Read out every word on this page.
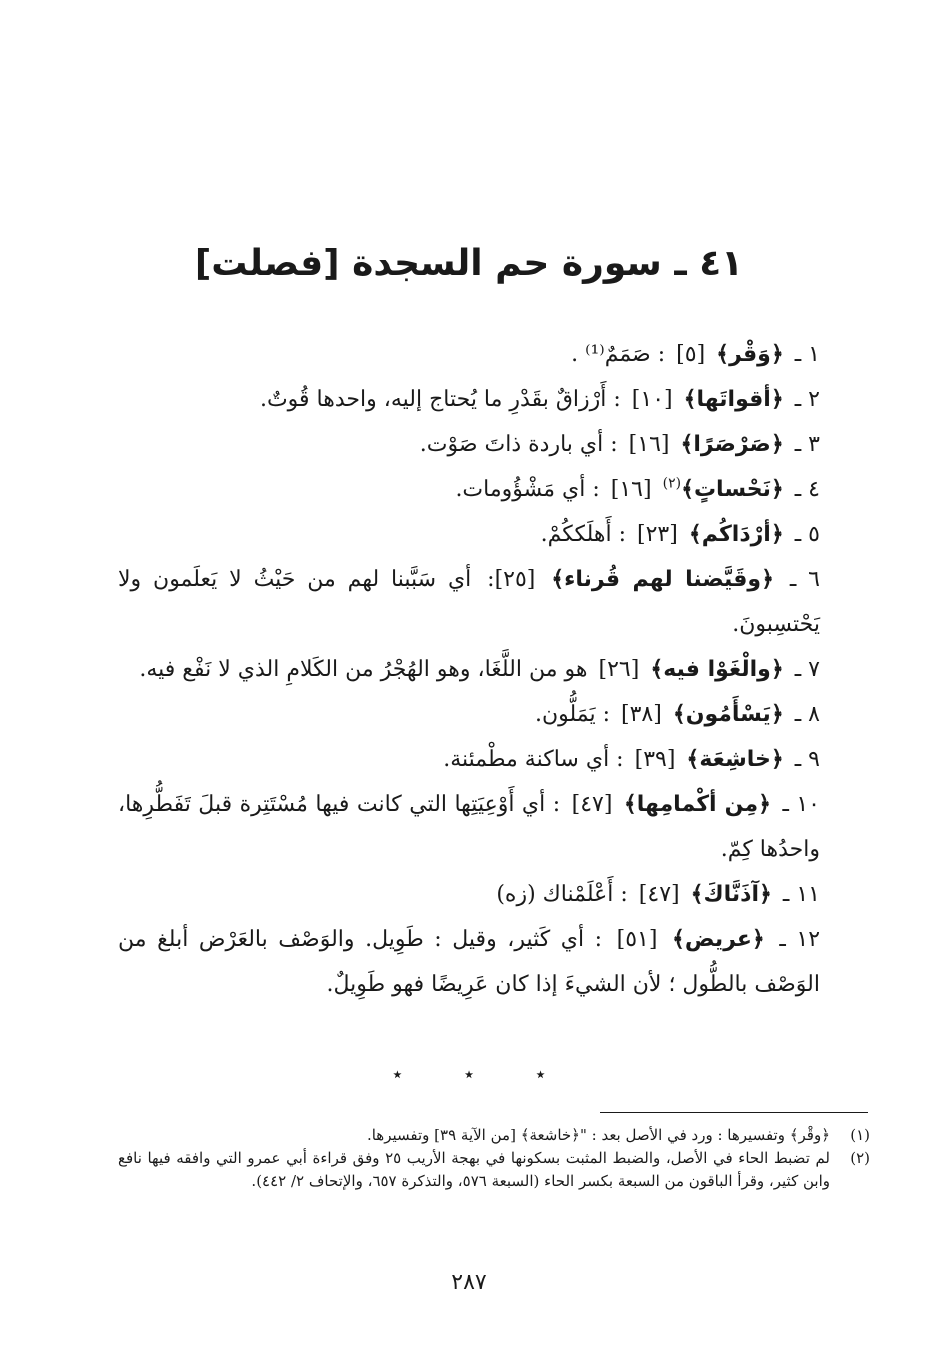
٤١ ـ سورة حم السجدة [فصلت]

١ ـ ﴿وَقْر﴾ [٥] : صَمَمٌ⁽¹⁾ .

٢ ـ ﴿أقواتَها﴾ [١٠] : أَرْزاقٌ بقَدْرِ ما يُحتاج إليه، واحدها قُوتٌ.

٣ ـ ﴿صَرْصَرًا﴾ [١٦] : أي باردة ذاتَ صَوْت.

٤ ـ ﴿نَحْساتٍ﴾$^{(٢)}$ [١٦] : أي مَشْؤُومات.

٥ ـ ﴿أرْدَاكُم﴾ [٢٣] : أَهلَككُمْ.

٦ ـ ﴿وقَيَّضنا لهم قُرناء﴾ [٢٥]: أي سَبَّبنا لهم من حَيْثُ لا يَعلَمون ولا يَحْتسِبونَ.

٧ ـ ﴿والْغَوْا فيه﴾ [٢٦] هو من اللَّغَا، وهو الهُجْرُ من الكَلامِ الذي لا نَفْع فيه.

٨ ـ ﴿يَسْأَمُون﴾ [٣٨] : يَمَلُّون.

٩ ـ ﴿خاشِعَة﴾ [٣٩] : أي ساكنة مطْمئنة.

١٠ ـ ﴿مِن أكْمامِها﴾ [٤٧] : أي أَوْعِيَتِها التي كانت فيها مُسْتَتِرة قبلَ تَفَطُّرِها، واحدُها كِمّ.

١١ ـ ﴿آذَنَّاكَ﴾ [٤٧] : أَعْلَمْناك (زه)

١٢ ـ ﴿عريض﴾ [٥١] : أي كَثير، وقيل : طَوِيل. والوَصْف بالعَرْض أبلغ من الوَصْف بالطُّول ؛ لأن الشيءَ إذا كان عَرِيضًا فهو طَوِيلٌ.

٭	٭	٭
(١)
﴿وقْر﴾ وتفسيرها : ورد في الأصل بعد : "﴿خاشعة﴾ [من الآية ٣٩] وتفسيرها.
(٢)
لم تضبط الحاء في الأصل، والضبط المثبت بسكونها في بهجة الأريب ٢٥ وفق قراءة أبي عمرو التي وافقه فيها نافع وابن كثير، وقرأ الباقون من السبعة بكسر الحاء (السبعة ٥٧٦، والتذكرة ٦٥٧، والإتحاف ٢/ ٤٤٢).
٢٨٧
